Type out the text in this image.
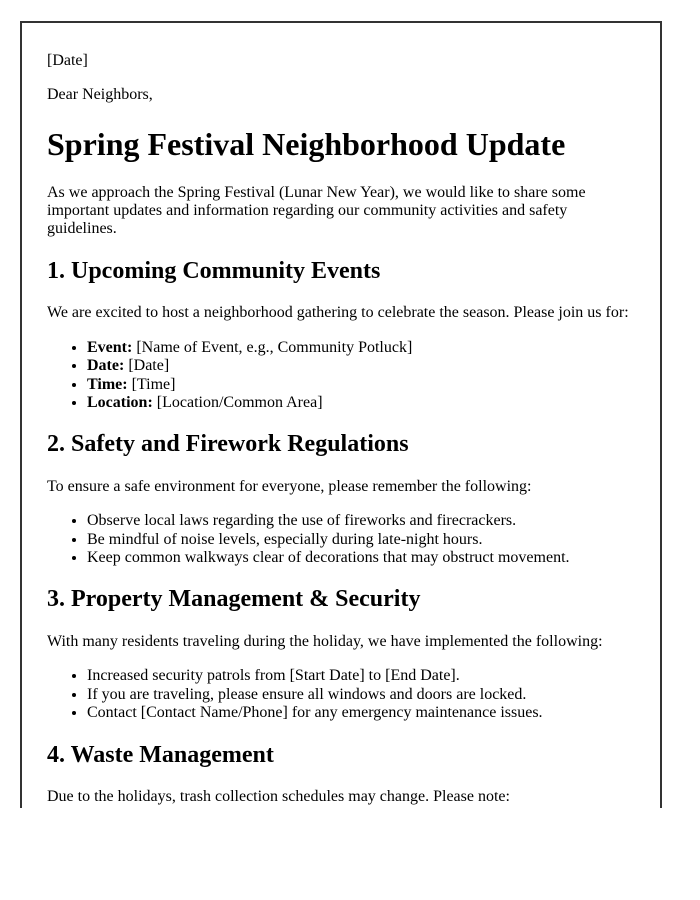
[Date]

Dear Neighbors,

Spring Festival Neighborhood Update

As we approach the Spring Festival (Lunar New Year), we would like to share some important updates and information regarding our community activities and safety guidelines.

1. Upcoming Community Events

We are excited to host a neighborhood gathering to celebrate the season. Please join us for:

• Event: [Name of Event, e.g., Community Potluck]
• Date: [Date]
• Time: [Time]
• Location: [Location/Common Area]
2. Safety and Firework Regulations

To ensure a safe environment for everyone, please remember the following:

• Observe local laws regarding the use of fireworks and firecrackers.
• Be mindful of noise levels, especially during late-night hours.
• Keep common walkways clear of decorations that may obstruct movement.
3. Property Management & Security

With many residents traveling during the holiday, we have implemented the following:

• Increased security patrols from [Start Date] to [End Date].
• If you are traveling, please ensure all windows and doors are locked.
• Contact [Contact Name/Phone] for any emergency maintenance issues.
4. Waste Management

Due to the holidays, trash collection schedules may change. Please note:
